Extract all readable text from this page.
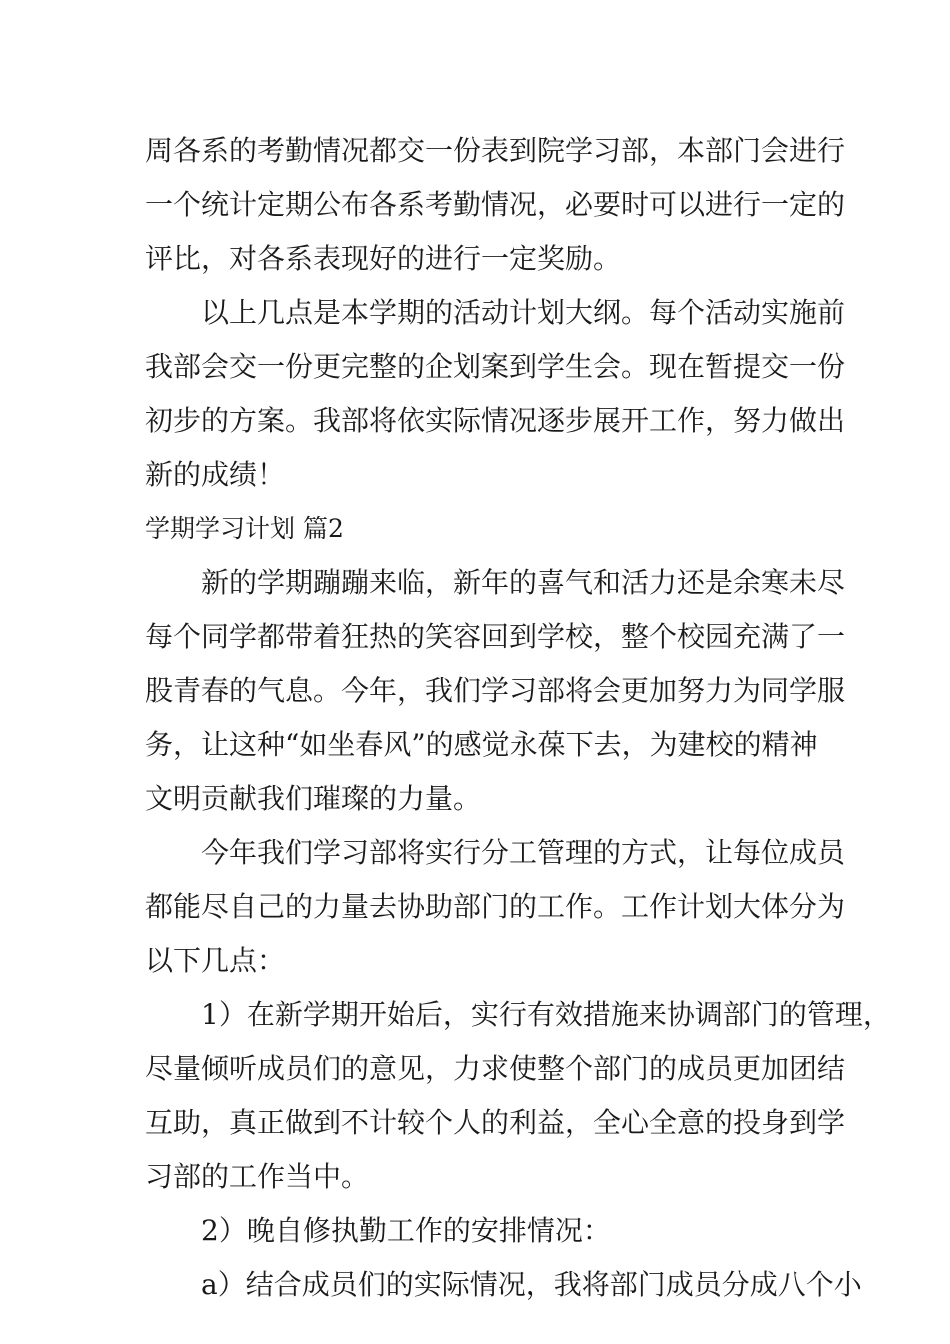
周各系的考勤情况都交一份表到院学习部，本部门会进行
一个统计定期公布各系考勤情况，必要时可以进行一定的
评比，对各系表现好的进行一定奖励。
以上几点是本学期的活动计划大纲。每个活动实施前
我部会交一份更完整的企划案到学生会。现在暂提交一份
初步的方案。我部将依实际情况逐步展开工作，努力做出
新的成绩！
学期学习计划 篇2
新的学期蹦蹦来临，新年的喜气和活力还是余寒未尽
每个同学都带着狂热的笑容回到学校，整个校园充满了一
股青春的气息。今年，我们学习部将会更加努力为同学服
务，让这种“如坐春风”的感觉永葆下去，为建校的精神
文明贡献我们璀璨的力量。
今年我们学习部将实行分工管理的方式，让每位成员
都能尽自己的力量去协助部门的工作。工作计划大体分为
以下几点：
1）在新学期开始后，实行有效措施来协调部门的管理，
尽量倾听成员们的意见，力求使整个部门的成员更加团结
互助，真正做到不计较个人的利益，全心全意的投身到学
习部的工作当中。
2）晚自修执勤工作的安排情况：
a）结合成员们的实际情况，我将部门成员分成八个小
